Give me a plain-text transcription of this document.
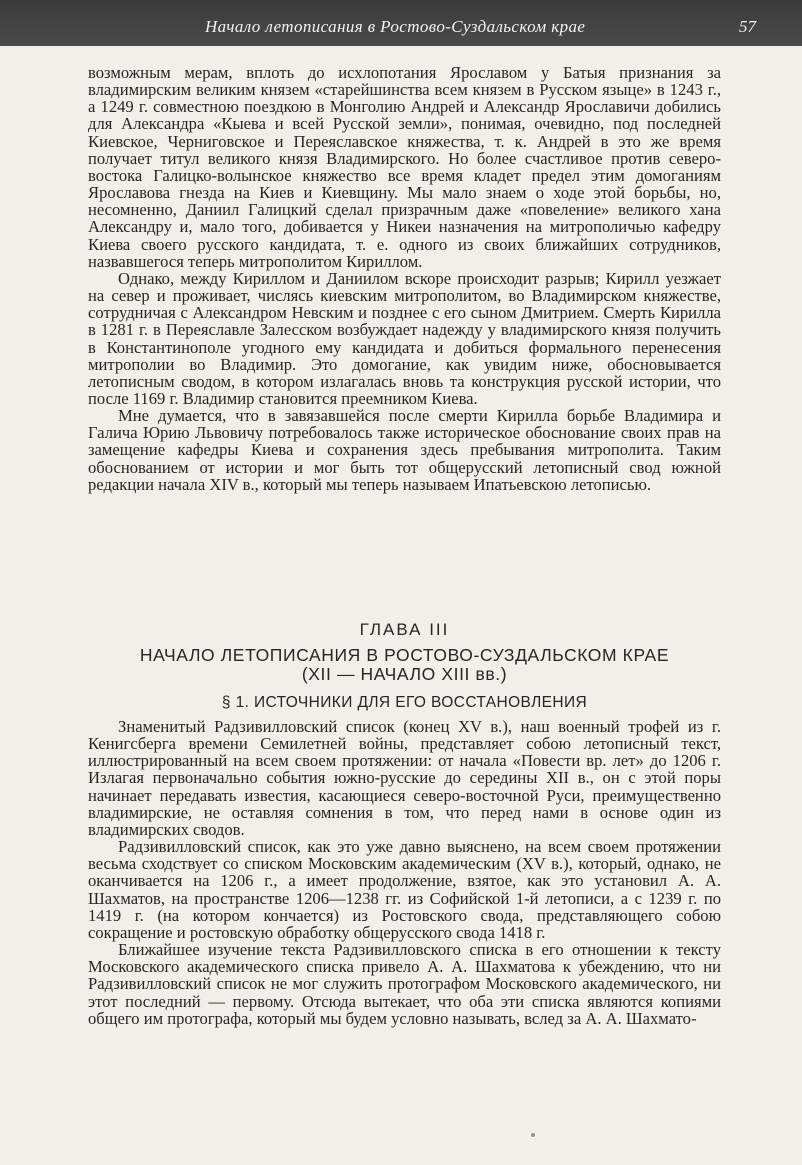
Начало летописания в Ростово-Суздальском крае	57

возможным мерам, вплоть до исхлопотания Ярославом у Батыя признания за владимирским великим князем «старейшинства всем князем в Русском языце» в 1243 г., а 1249 г. совместною поездкою в Монголию Андрей и Александр Ярославичи добились для Александра «Кыева и всей Русской земли», понимая, очевидно, под последней Киевское, Черниговское и Переяславское княжества, т. к. Андрей в это же время получает титул великого князя Владимирского. Но более счастливое против северо-востока Галицко-волынское княжество все время кладет предел этим домоганиям Ярославова гнезда на Киев и Киевщину. Мы мало знаем о ходе этой борьбы, но, несомненно, Даниил Галицкий сделал призрачным даже «повеление» великого хана Александру и, мало того, добивается у Никеи назначения на митрополичью кафедру Киева своего русского кандидата, т. е. одного из своих ближайших сотрудников, назвавшегося теперь митрополитом Кириллом.

Однако, между Кириллом и Даниилом вскоре происходит разрыв; Кирилл уезжает на север и проживает, числясь киевским митрополитом, во Владимирском княжестве, сотрудничая с Александром Невским и позднее с его сыном Дмитрием. Смерть Кирилла в 1281 г. в Переяславле Залесском возбуждает надежду у владимирского князя получить в Константинополе угодного ему кандидата и добиться формального перенесения митрополии во Владимир. Это домогание, как увидим ниже, обосновывается летописным сводом, в котором излагалась вновь та конструкция русской истории, что после 1169 г. Владимир становится преемником Киева.

Мне думается, что в завязавшейся после смерти Кирилла борьбе Владимира и Галича Юрию Львовичу потребовалось также историческое обоснование своих прав на замещение кафедры Киева и сохранения здесь пребывания митрополита. Таким обоснованием от истории и мог быть тот общерусский летописный свод южной редакции начала XIV в., который мы теперь называем Ипатьевскою летописью.

ГЛАВА III
НАЧАЛО ЛЕТОПИСАНИЯ В РОСТОВО-СУЗДАЛЬСКОМ КРАЕ
(XII — НАЧАЛО XIII вв.)
§ 1. ИСТОЧНИКИ ДЛЯ ЕГО ВОССТАНОВЛЕНИЯ

Знаменитый Радзивилловский список (конец XV в.), наш военный трофей из г. Кенигсберга времени Семилетней войны, представляет собою летописный текст, иллюстрированный на всем своем протяжении: от начала «Повести вр. лет» до 1206 г. Излагая первоначально события южно-русские до середины XII в., он с этой поры начинает передавать известия, касающиеся северо-восточной Руси, преимущественно владимирские, не оставляя сомнения в том, что перед нами в основе один из владимирских сводов.

Радзивилловский список, как это уже давно выяснено, на всем своем протяжении весьма сходствует со списком Московским академическим (XV в.), который, однако, не оканчивается на 1206 г., а имеет продолжение, взятое, как это установил А. А. Шахматов, на пространстве 1206—1238 гг. из Софийской 1-й летописи, а с 1239 г. по 1419 г. (на котором кончается) из Ростовского свода, представляющего собою сокращение и ростовскую обработку общерусского свода 1418 г.

Ближайшее изучение текста Радзивилловского списка в его отношении к тексту Московского академического списка привело А. А. Шахматова к убеждению, что ни Радзивилловский список не мог служить протографом Московского академического, ни этот последний — первому. Отсюда вытекает, что оба эти списка являются копиями общего им протографа, который мы будем условно называть, вслед за А. А. Шахмато-
